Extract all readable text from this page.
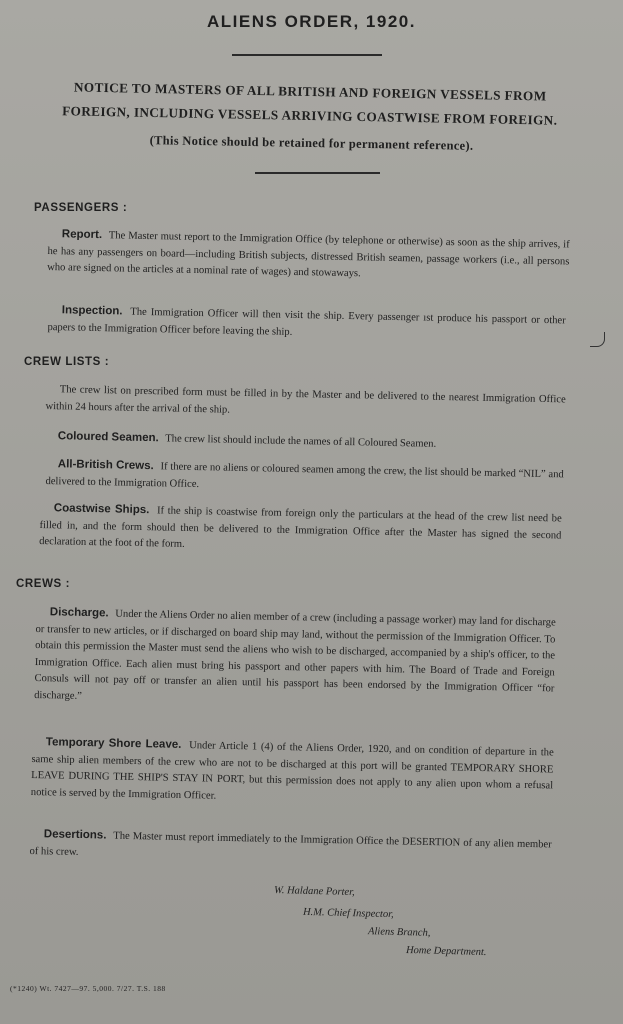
ALIENS ORDER, 1920.
NOTICE TO MASTERS OF ALL BRITISH AND FOREIGN VESSELS FROM
FOREIGN, INCLUDING VESSELS ARRIVING COASTWISE FROM FOREIGN.
(This Notice should be retained for permanent reference).
PASSENGERS :
Report. The Master must report to the Immigration Office (by telephone or otherwise) as soon as the ship arrives, if he has any passengers on board—including British subjects, distressed British seamen, passage workers (i.e., all persons who are signed on the articles at a nominal rate of wages) and stowaways.
Inspection. The Immigration Officer will then visit the ship. Every passenger ıst produce his passport or other papers to the Immigration Officer before leaving the ship.
CREW LISTS :
The crew list on prescribed form must be filled in by the Master and be delivered to the nearest Immigration Office within 24 hours after the arrival of the ship.
Coloured Seamen. The crew list should include the names of all Coloured Seamen.
All-British Crews. If there are no aliens or coloured seamen among the crew, the list should be marked “NIL” and delivered to the Immigration Office.
Coastwise Ships. If the ship is coastwise from foreign only the particulars at the head of the crew list need be filled in, and the form should then be delivered to the Immigration Office after the Master has signed the second declaration at the foot of the form.
CREWS :
Discharge. Under the Aliens Order no alien member of a crew (including a passage worker) may land for discharge or transfer to new articles, or if discharged on board ship may land, without the permission of the Immigration Officer. To obtain this permission the Master must send the aliens who wish to be discharged, accompanied by a ship's officer, to the Immigration Office. Each alien must bring his passport and other papers with him. The Board of Trade and Foreign Consuls will not pay off or transfer an alien until his passport has been endorsed by the Immigration Officer “for discharge.”
Temporary Shore Leave. Under Article 1 (4) of the Aliens Order, 1920, and on condition of departure in the same ship alien members of the crew who are not to be discharged at this port will be granted TEMPORARY SHORE LEAVE DURING THE SHIP'S STAY IN PORT, but this permission does not apply to any alien upon whom a refusal notice is served by the Immigration Officer.
Desertions. The Master must report immediately to the Immigration Office the DESERTION of any alien member of his crew.
W. Haldane Porter,
H.M. Chief Inspector,
Aliens Branch,
Home Department.
(*1240) Wt. 7427—97. 5,000. 7/27. T.S. 188
